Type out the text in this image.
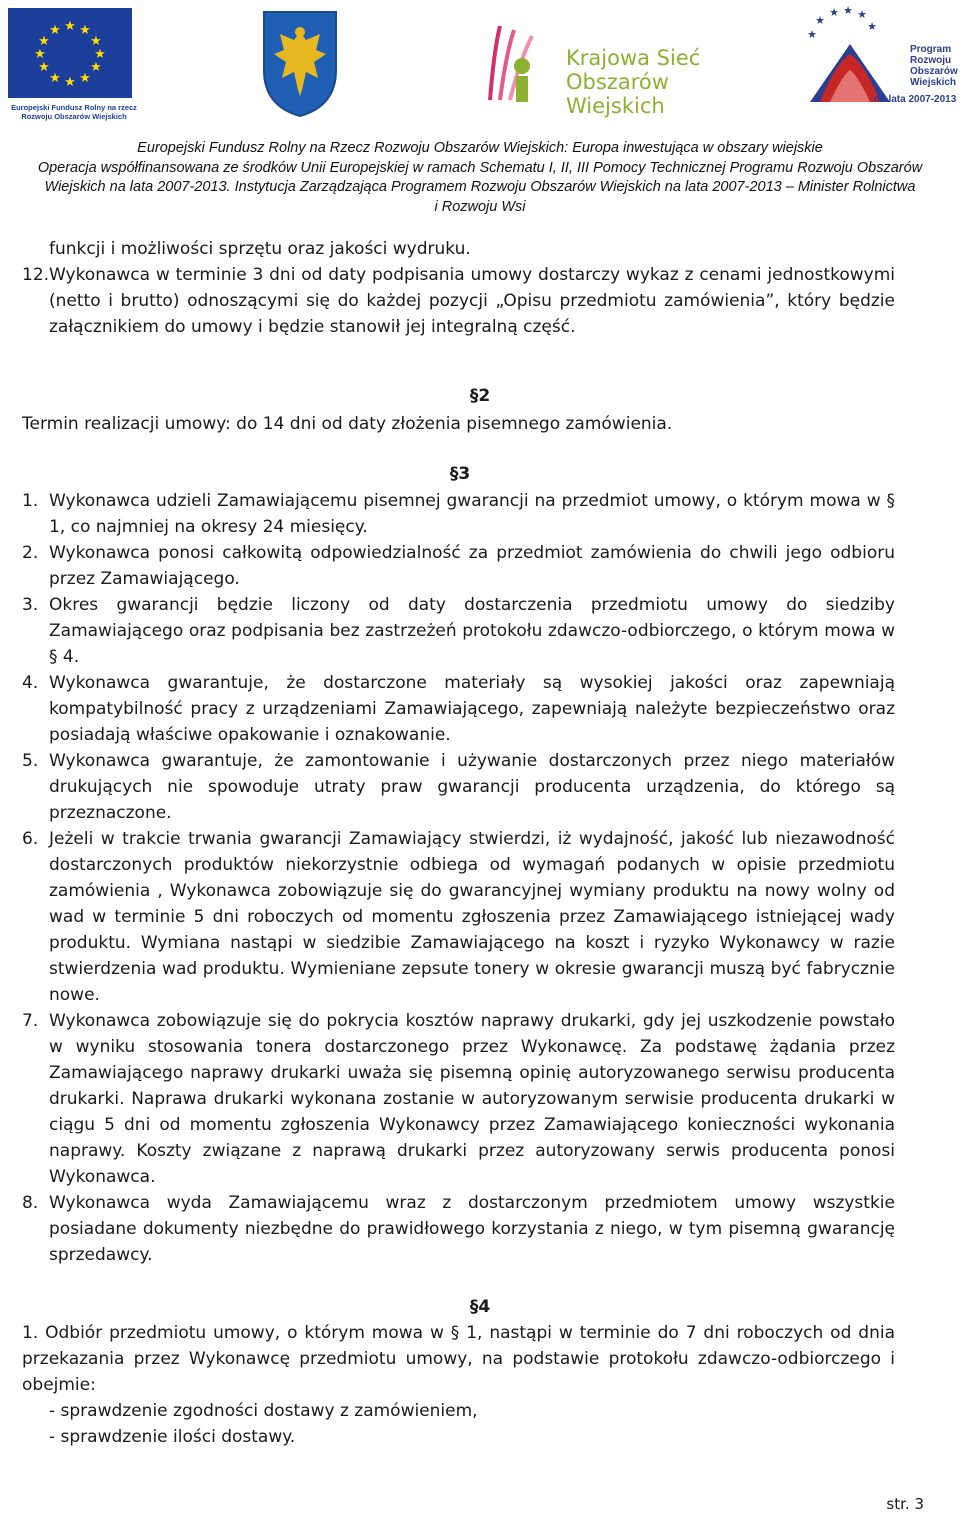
★ ★
★
★
★
★
★
★
★
★
★
★
Europejski Fundusz Rolny na rzecz Rozwoju Obszarów Wiejskich
Krajowa Sieć Obszarów Wiejskich
★
★ ★ ★
★
★
Program Rozwoju Obszarów Wiejskich
na lata 2007-2013
Europejski Fundusz Rolny na Rzecz Rozwoju Obszarów Wiejskich: Europa inwestująca w obszary wiejskie
Operacja współfinansowana ze środków Unii Europejskiej w ramach Schematu I, II, III Pomocy Technicznej Programu Rozwoju Obszarów
Wiejskich na lata 2007-2013. Instytucja Zarządzająca Programem Rozwoju Obszarów Wiejskich na lata 2007-2013 – Minister Rolnictwa
i Rozwoju Wsi
funkcji i możliwości sprzętu oraz jakości wydruku.
12. Wykonawca w terminie 3 dni od daty podpisania umowy dostarczy wykaz z cenami jednostkowymi (netto i brutto) odnoszącymi się do każdej pozycji „Opisu przedmiotu zamówienia”, który będzie załącznikiem do umowy i będzie stanowił jej integralną część.
§2
Termin realizacji umowy: do 14 dni od daty złożenia pisemnego zamówienia.
§3
1. Wykonawca udzieli Zamawiającemu pisemnej gwarancji na przedmiot umowy, o którym mowa w § 1, co najmniej na okresy 24 miesięcy.
2. Wykonawca ponosi całkowitą odpowiedzialność za przedmiot zamówienia do chwili jego odbioru przez Zamawiającego.
3. Okres gwarancji będzie liczony od daty dostarczenia przedmiotu umowy do siedziby Zamawiającego oraz podpisania bez zastrzeżeń protokołu zdawczo-odbiorczego, o którym mowa w § 4.
4. Wykonawca gwarantuje, że dostarczone materiały są wysokiej jakości oraz zapewniają kompatybilność pracy z urządzeniami Zamawiającego, zapewniają należyte bezpieczeństwo oraz posiadają właściwe opakowanie i oznakowanie.
5. Wykonawca gwarantuje, że zamontowanie i używanie dostarczonych przez niego materiałów drukujących nie spowoduje utraty praw gwarancji producenta urządzenia, do którego są przeznaczone.
6. Jeżeli w trakcie trwania gwarancji Zamawiający stwierdzi, iż wydajność, jakość lub niezawodność dostarczonych produktów niekorzystnie odbiega od wymagań podanych w opisie przedmiotu zamówienia , Wykonawca zobowiązuje się do gwarancyjnej wymiany produktu na nowy wolny od wad w terminie 5 dni roboczych od momentu zgłoszenia przez Zamawiającego istniejącej wady produktu. Wymiana nastąpi w siedzibie Zamawiającego na koszt i ryzyko Wykonawcy w razie stwierdzenia wad produktu. Wymieniane zepsute tonery w okresie gwarancji muszą być fabrycznie nowe.
7. Wykonawca zobowiązuje się do pokrycia kosztów naprawy drukarki, gdy jej uszkodzenie powstało w wyniku stosowania tonera dostarczonego przez Wykonawcę. Za podstawę żądania przez Zamawiającego naprawy drukarki uważa się pisemną opinię autoryzowanego serwisu producenta drukarki. Naprawa drukarki wykonana zostanie w autoryzowanym serwisie producenta drukarki w ciągu 5 dni od momentu zgłoszenia Wykonawcy przez Zamawiającego konieczności wykonania naprawy. Koszty związane z naprawą drukarki przez autoryzowany serwis producenta ponosi Wykonawca.
8. Wykonawca wyda Zamawiającemu wraz z dostarczonym przedmiotem umowy wszystkie posiadane dokumenty niezbędne do prawidłowego korzystania z niego, w tym pisemną gwarancję sprzedawcy.
§4
1. Odbiór przedmiotu umowy, o którym mowa w § 1, nastąpi w terminie do 7 dni roboczych od dnia przekazania przez Wykonawcę przedmiotu umowy, na podstawie protokołu zdawczo-odbiorczego i obejmie:
- sprawdzenie zgodności dostawy z zamówieniem,
- sprawdzenie ilości dostawy.
str. 3
